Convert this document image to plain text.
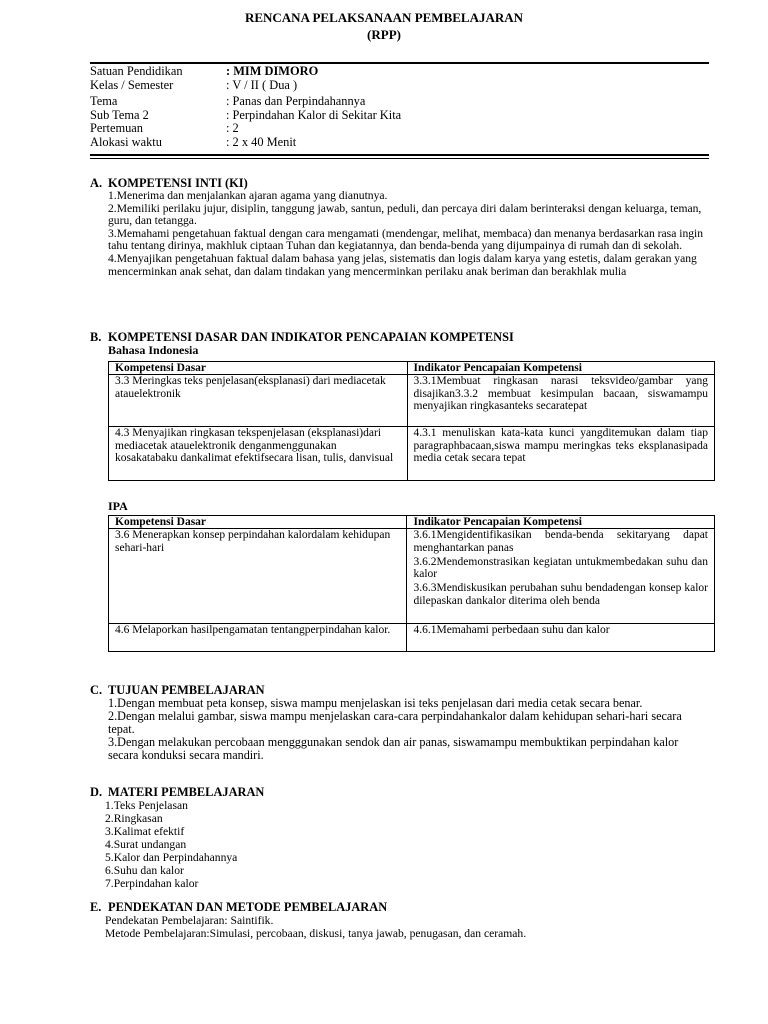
RENCANA PELAKSANAAN PEMBELAJARAN
(RPP)
Satuan Pendidikan	: MIM DIMORO
Kelas / Semester	: V / II ( Dua )
Tema	: Panas dan Perpindahannya
Sub Tema 2	: Perpindahan Kalor di Sekitar Kita
Pertemuan	: 2
Alokasi waktu	: 2 x 40 Menit
A. KOMPETENSI INTI (KI)

1.Menerima dan menjalankan ajaran agama yang dianutnya.

2.Memiliki perilaku jujur, disiplin, tanggung jawab, santun, peduli, dan percaya diri dalam berinteraksi dengan keluarga, teman, guru, dan tetangga.

3.Memahami pengetahuan faktual dengan cara mengamati (mendengar, melihat, membaca) dan menanya berdasarkan rasa ingin tahu tentang dirinya, makhluk ciptaan Tuhan dan kegiatannya, dan benda-benda yang dijumpainya di rumah dan di sekolah.

4.Menyajikan pengetahuan faktual dalam bahasa yang jelas, sistematis dan logis dalam karya yang estetis, dalam gerakan yang mencerminkan anak sehat, dan dalam tindakan yang mencerminkan perilaku anak beriman dan berakhlak mulia

B. KOMPETENSI DASAR DAN INDIKATOR PENCAPAIAN KOMPETENSI
Bahasa Indonesia
Kompetensi Dasar	Indikator Pencapaian Kompetensi
3.3 Meringkas teks penjelasan(eksplanasi) dari mediacetak atauelektronik	3.3.1Membuat ringkasan narasi teksvideo/gambar yang disajikan3.3.2 membuat kesimpulan bacaan, siswamampu menyajikan ringkasanteks secaratepat
4.3 Menyajikan ringkasan tekspenjelasan (eksplanasi)dari mediacetak atauelektronik denganmenggunakan kosakatabaku dankalimat efektifsecara lisan, tulis, danvisual	4.3.1 menuliskan kata-kata kunci yangditemukan dalam tiap paragraphbacaan,siswa mampu meringkas teks eksplanasipada media cetak secara tepat
IPA
Kompetensi Dasar	Indikator Pencapaian Kompetensi
3.6 Menerapkan konsep perpindahan kalordalam kehidupan sehari-hari	3.6.1Mengidentifikasikan benda-benda sekitaryang dapat menghantarkan panas
3.6.2Mendemonstrasikan kegiatan untukmembedakan suhu dan kalor
3.6.3Mendiskusikan perubahan suhu bendadengan konsep kalor dilepaskan dankalor diterima oleh benda

4.6 Melaporkan hasilpengamatan tentangperpindahan kalor.	4.6.1Memahami perbedaan suhu dan kalor
C. TUJUAN PEMBELAJARAN

1.Dengan membuat peta konsep, siswa mampu menjelaskan isi teks penjelasan dari media cetak secara benar.

2.Dengan melalui gambar, siswa mampu menjelaskan cara-cara perpindahankalor dalam kehidupan sehari-hari secara tepat.

3.Dengan melakukan percobaan mengggunakan sendok dan air panas, siswamampu membuktikan perpindahan kalor secara konduksi secara mandiri.

D. MATERI PEMBELAJARAN
1.Teks Penjelasan
2.Ringkasan
3.Kalimat efektif
4.Surat undangan
5.Kalor dan Perpindahannya
6.Suhu dan kalor
7.Perpindahan kalor
E. PENDEKATAN DAN METODE PEMBELAJARAN
Pendekatan Pembelajaran: Saintifik.
Metode Pembelajaran:Simulasi, percobaan, diskusi, tanya jawab, penugasan, dan ceramah.
